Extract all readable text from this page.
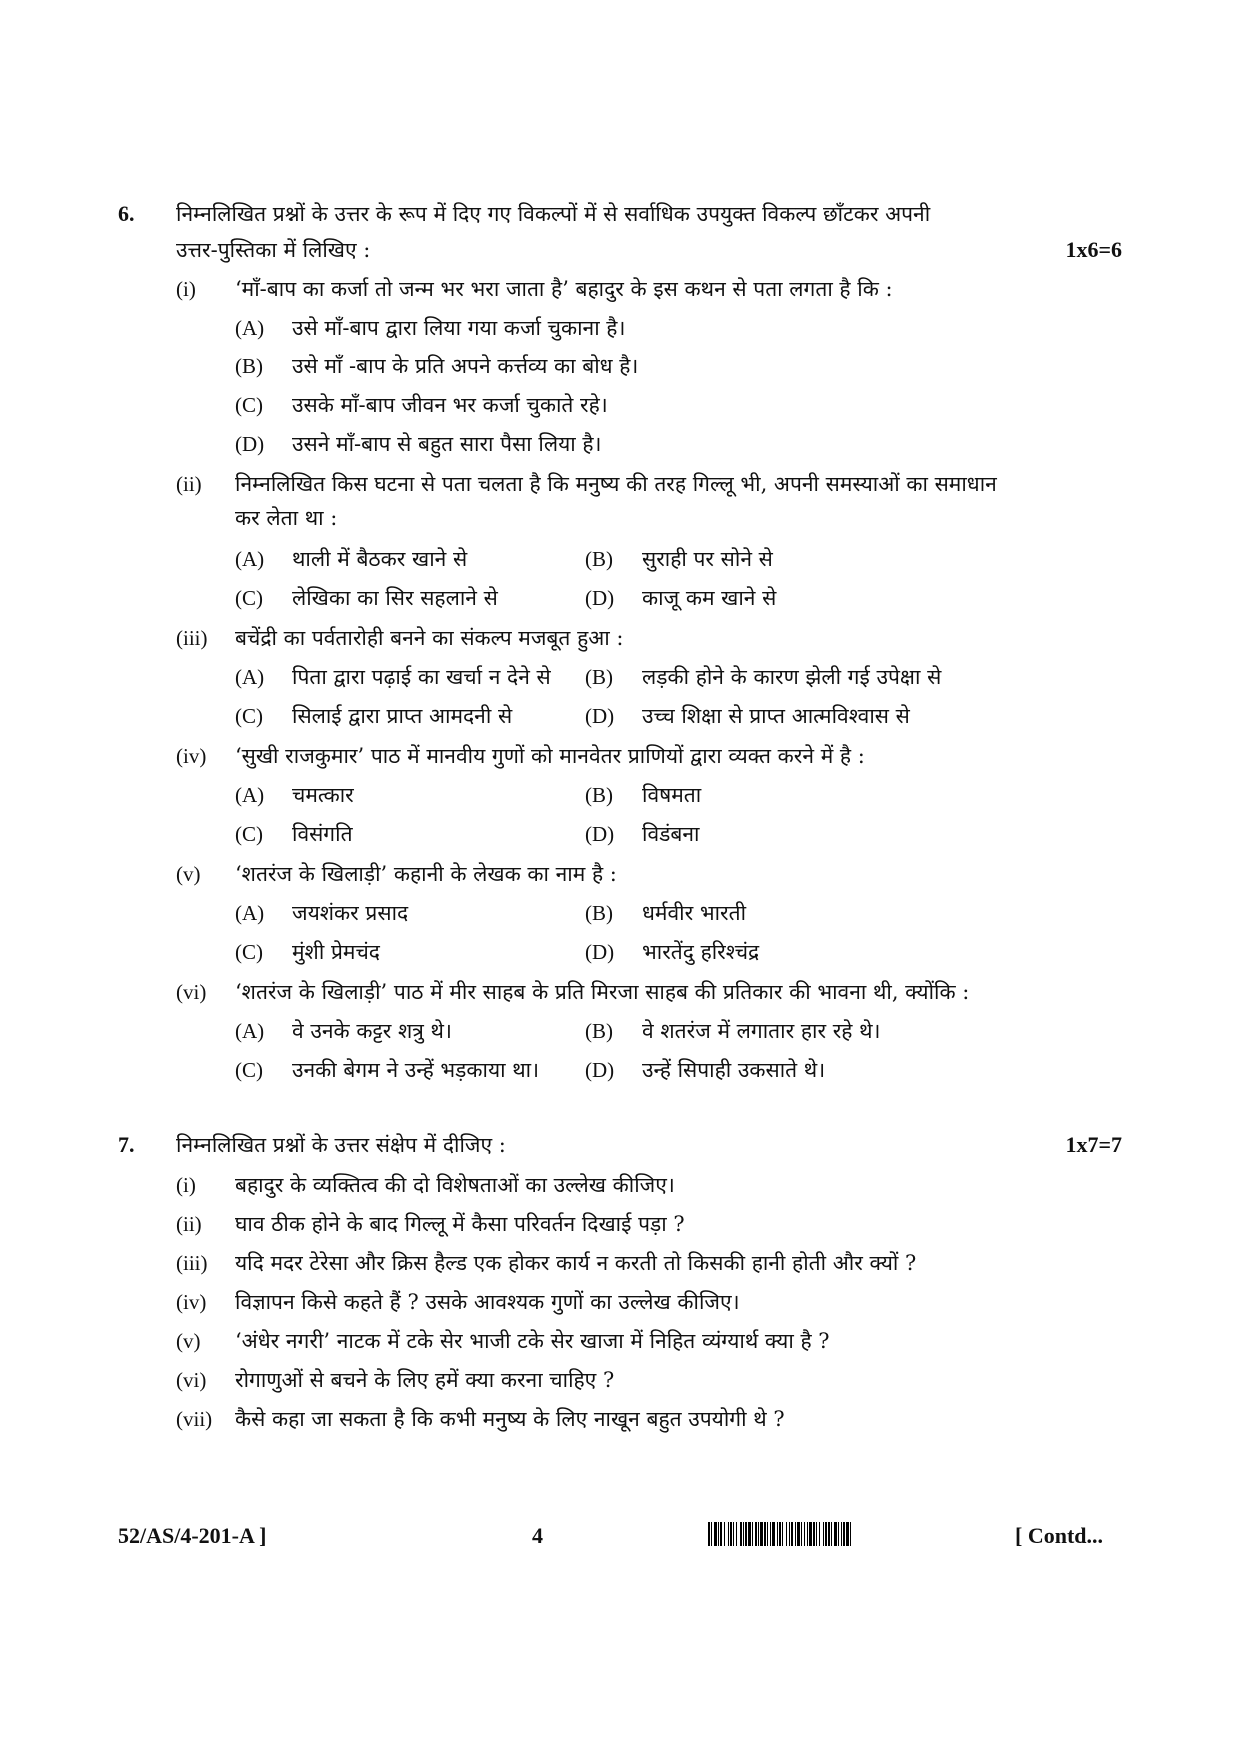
6. निम्नलिखित प्रश्नों के उत्तर के रूप में दिए गए विकल्पों में से सर्वाधिक उपयुक्त विकल्प छाँटकर अपनी
उत्तर-पुस्तिका में लिखिए :	1x6=6
(i) ‘माँ-बाप का कर्जा तो जन्म भर भरा जाता है’ बहादुर के इस कथन से पता लगता है कि :
(A) उसे माँ-बाप द्वारा लिया गया कर्जा चुकाना है।
(B) उसे माँ -बाप के प्रति अपने कर्त्तव्य का बोध है।
(C) उसके माँ-बाप जीवन भर कर्जा चुकाते रहे।
(D) उसने माँ-बाप से बहुत सारा पैसा लिया है।
(ii) निम्नलिखित किस घटना से पता चलता है कि मनुष्य की तरह गिल्लू भी, अपनी समस्याओं का समाधान
कर लेता था :
(A) थाली में बैठकर खाने से	(B) सुराही पर सोने से
(C) लेखिका का सिर सहलाने से	(D) काजू कम खाने से
(iii) बचेंद्री का पर्वतारोही बनने का संकल्प मजबूत हुआ :
(A) पिता द्वारा पढ़ाई का खर्चा न देने से (B) लड़की होने के कारण झेली गई उपेक्षा से
(C) सिलाई द्वारा प्राप्त आमदनी से	(D) उच्च शिक्षा से प्राप्त आत्मविश्वास से
(iv) ‘सुखी राजकुमार’ पाठ में मानवीय गुणों को मानवेतर प्राणियों द्वारा व्यक्त करने में है :
(A) चमत्कार	(B) विषमता
(C) विसंगति	(D) विडंबना
(v) ‘शतरंज के खिलाड़ी’ कहानी के लेखक का नाम है :
(A) जयशंकर प्रसाद	(B) धर्मवीर भारती
(C) मुंशी प्रेमचंद	(D) भारतेंदु हरिश्चंद्र
(vi) ‘शतरंज के खिलाड़ी’ पाठ में मीर साहब के प्रति मिरजा साहब की प्रतिकार की भावना थी, क्योंकि :
(A) वे उनके कट्टर शत्रु थे।	(B) वे शतरंज में लगातार हार रहे थे।
(C) उनकी बेगम ने उन्हें भड़काया था। (D) उन्हें सिपाही उकसाते थे।
7. निम्नलिखित प्रश्नों के उत्तर संक्षेप में दीजिए :	1x7=7
(i) बहादुर के व्यक्तित्व की दो विशेषताओं का उल्लेख कीजिए।
(ii) घाव ठीक होने के बाद गिल्लू में कैसा परिवर्तन दिखाई पड़ा ?
(iii) यदि मदर टेरेसा और क्रिस हैल्ड एक होकर कार्य न करती तो किसकी हानी होती और क्यों ?
(iv) विज्ञापन किसे कहते हैं ? उसके आवश्यक गुणों का उल्लेख कीजिए।
(v) ‘अंधेर नगरी’ नाटक में टके सेर भाजी टके सेर खाजा में निहित व्यंग्यार्थ क्या है ?
(vi) रोगाणुओं से बचने के लिए हमें क्या करना चाहिए ?
(vii) कैसे कहा जा सकता है कि कभी मनुष्य के लिए नाखून बहुत उपयोगी थे ?
52/AS/4-201-A ]	4	[ Contd...
